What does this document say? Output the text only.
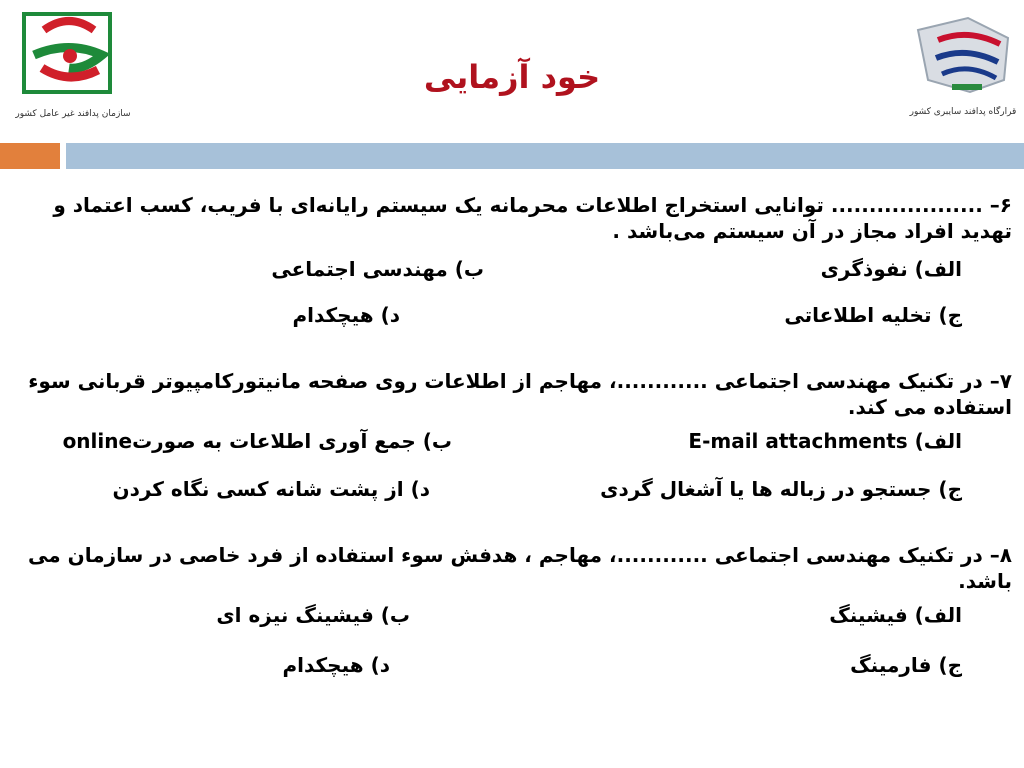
سازمان پدافند غیر عامل کشور
خود آزمایی
قرارگاه پدافند سایبری کشور
۶– .................... توانایی استخراج اطلاعات محرمانه یک سیستم رایانه‌ای با فریب، کسب اعتماد و تهدید افراد مجاز در آن سیستم می‌باشد .
الف) نفوذگری
ب) مهندسی اجتماعی
ج) تخلیه اطلاعاتی
د) هیچکدام
۷– در تکنیک مهندسی اجتماعی ............، مهاجم از اطلاعات روی صفحه مانیتورکامپیوتر قربانی سوء استفاده می کند.
الف) E-mail attachments
ب) جمع آوری اطلاعات به صورتonline
ج) جستجو در زباله ها یا آشغال گردی
د) از پشت شانه کسی نگاه کردن
۸– در تکنیک مهندسی اجتماعی ............، مهاجم ، هدفش سوء استفاده از فرد خاصی در سازمان می باشد.
الف) فیشینگ
ب) فیشینگ نیزه ای
ج) فارمینگ
د) هیچکدام
